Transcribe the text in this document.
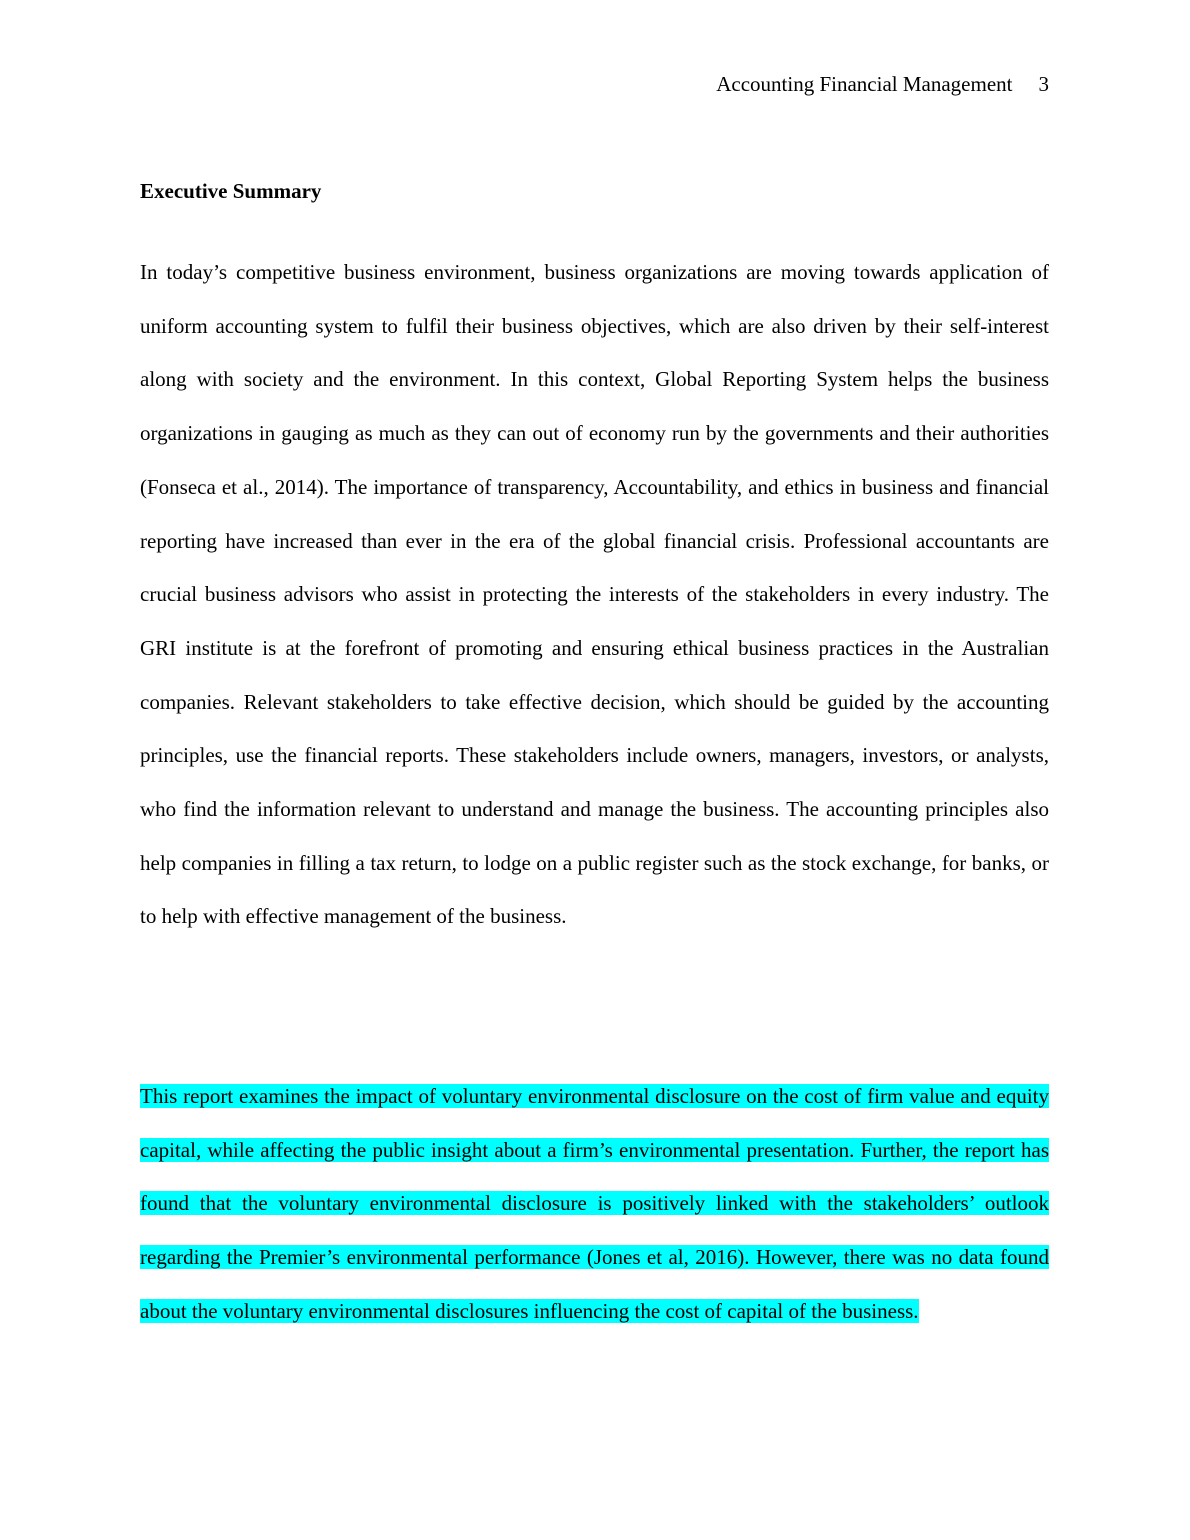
Accounting Financial Management 3
Executive Summary

In today’s competitive business environment, business organizations are moving towards application of uniform accounting system to fulfil their business objectives, which are also driven by their self-interest along with society and the environment. In this context, Global Reporting System helps the business organizations in gauging as much as they can out of economy run by the governments and their authorities (Fonseca et al., 2014). The importance of transparency, Accountability, and ethics in business and financial reporting have increased than ever in the era of the global financial crisis. Professional accountants are crucial business advisors who assist in protecting the interests of the stakeholders in every industry. The GRI institute is at the forefront of promoting and ensuring ethical business practices in the Australian companies. Relevant stakeholders to take effective decision, which should be guided by the accounting principles, use the financial reports. These stakeholders include owners, managers, investors, or analysts, who find the information relevant to understand and manage the business. The accounting principles also help companies in filling a tax return, to lodge on a public register such as the stock exchange, for banks, or to help with effective management of the business.

This report examines the impact of voluntary environmental disclosure on the cost of firm value and equity capital, while affecting the public insight about a firm’s environmental presentation. Further, the report has found that the voluntary environmental disclosure is positively linked with the stakeholders’ outlook regarding the Premier’s environmental performance (Jones et al, 2016). However, there was no data found about the voluntary environmental disclosures influencing the cost of capital of the business.
